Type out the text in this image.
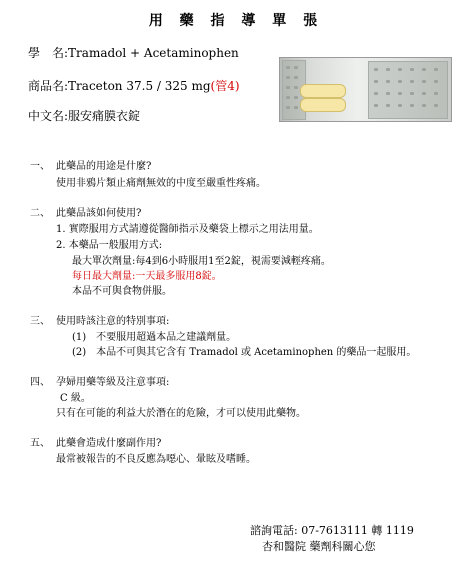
用 藥 指 導 單 張
學　名:Tramadol + Acetaminophen
商品名:Traceton 37.5 / 325 mg(管4)
中文名:服安痛膜衣錠
一、 此藥品的用途是什麼?
使用非鴉片類止痛劑無效的中度至嚴重性疼痛。
二、 此藥品該如何使用?
1. 實際服用方式請遵從醫師指示及藥袋上標示之用法用量。
2. 本藥品一般服用方式:
最大單次劑量:每4到6小時服用1至2錠，視需要減輕疼痛。
每日最大劑量:一天最多服用8錠。
本品不可與食物併服。
三、 使用時該注意的特別事項:
(1)　不要服用超過本品之建議劑量。
(2)　本品不可與其它含有 Tramadol 或 Acetaminophen 的藥品一起服用。
四、 孕婦用藥等級及注意事項:
C 級。
只有在可能的利益大於潛在的危險，才可以使用此藥物。
五、 此藥會造成什麼副作用?
最常被報告的不良反應為噁心、暈眩及嗜睡。
諮詢電話: 07-7613111 轉 1119
杏和醫院 藥劑科關心您
